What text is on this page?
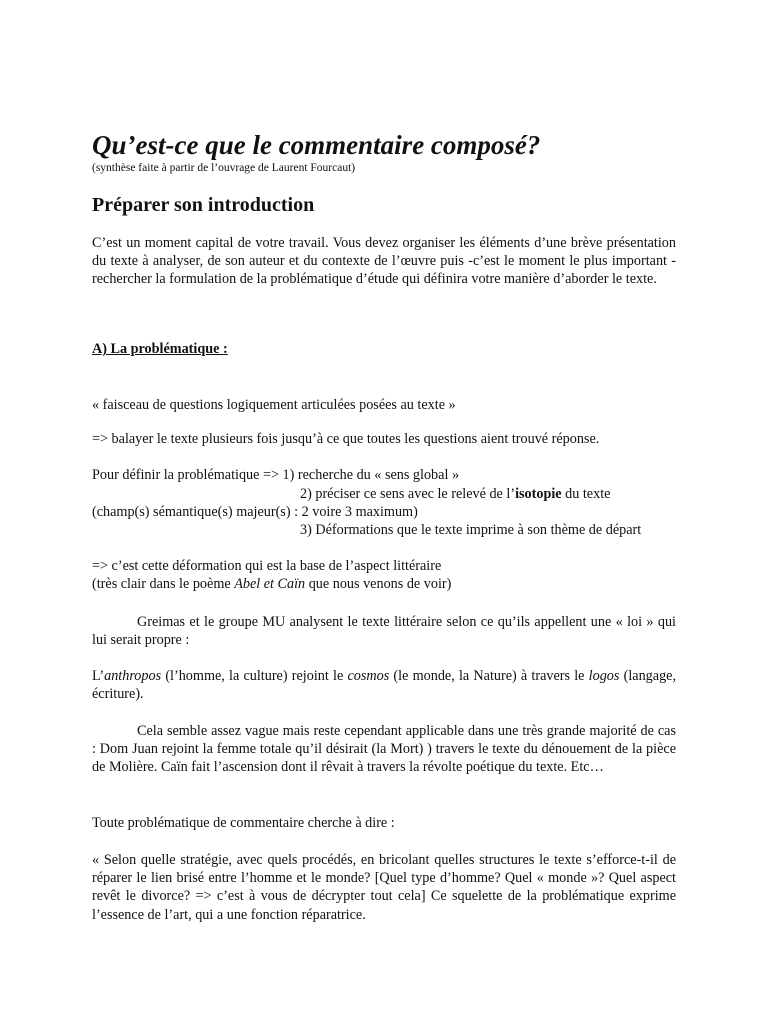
Qu’est-ce que le commentaire composé?

(synthèse faite à partir de l’ouvrage de Laurent Fourcaut)

Préparer son introduction

C’est un moment capital de votre travail. Vous devez organiser les éléments d’une brève présentation du texte à analyser, de son auteur et du contexte de l’œuvre puis -c’est le moment le plus important - rechercher la formulation de la problématique d’étude qui définira votre manière d’aborder le texte.

A) La problématique :

« faisceau de questions logiquement articulées posées au texte »

=> balayer le texte plusieurs fois jusqu’à ce que toutes les questions aient trouvé réponse.

Pour définir la problématique => 1) recherche du « sens global »

2) préciser ce sens avec le relevé de l’isotopie du texte

(champ(s) sémantique(s) majeur(s) : 2 voire 3 maximum)

3) Déformations que le texte imprime à son thème de départ

=> c’est cette déformation qui est la base de l’aspect littéraire

(très clair dans le poème Abel et Caïn que nous venons de voir)

Greimas et le groupe MU analysent le texte littéraire selon ce qu’ils appellent une « loi » qui lui serait propre :

L’anthropos (l’homme, la culture) rejoint le cosmos (le monde, la Nature) à travers le logos (langage, écriture).

Cela semble assez vague mais reste cependant applicable dans une très grande majorité de cas : Dom Juan rejoint la femme totale qu’il désirait (la Mort) ) travers le texte du dénouement de la pièce de Molière. Caïn fait l’ascension dont il rêvait à travers la révolte poétique du texte. Etc…

Toute problématique de commentaire cherche à dire :

« Selon quelle stratégie, avec quels procédés, en bricolant quelles structures le texte s’efforce-t-il de réparer le lien brisé entre l’homme et le monde? [Quel type d’homme? Quel « monde »? Quel aspect revêt le divorce? => c’est à vous de décrypter tout cela] Ce squelette de la problématique exprime l’essence de l’art, qui a une fonction réparatrice.
